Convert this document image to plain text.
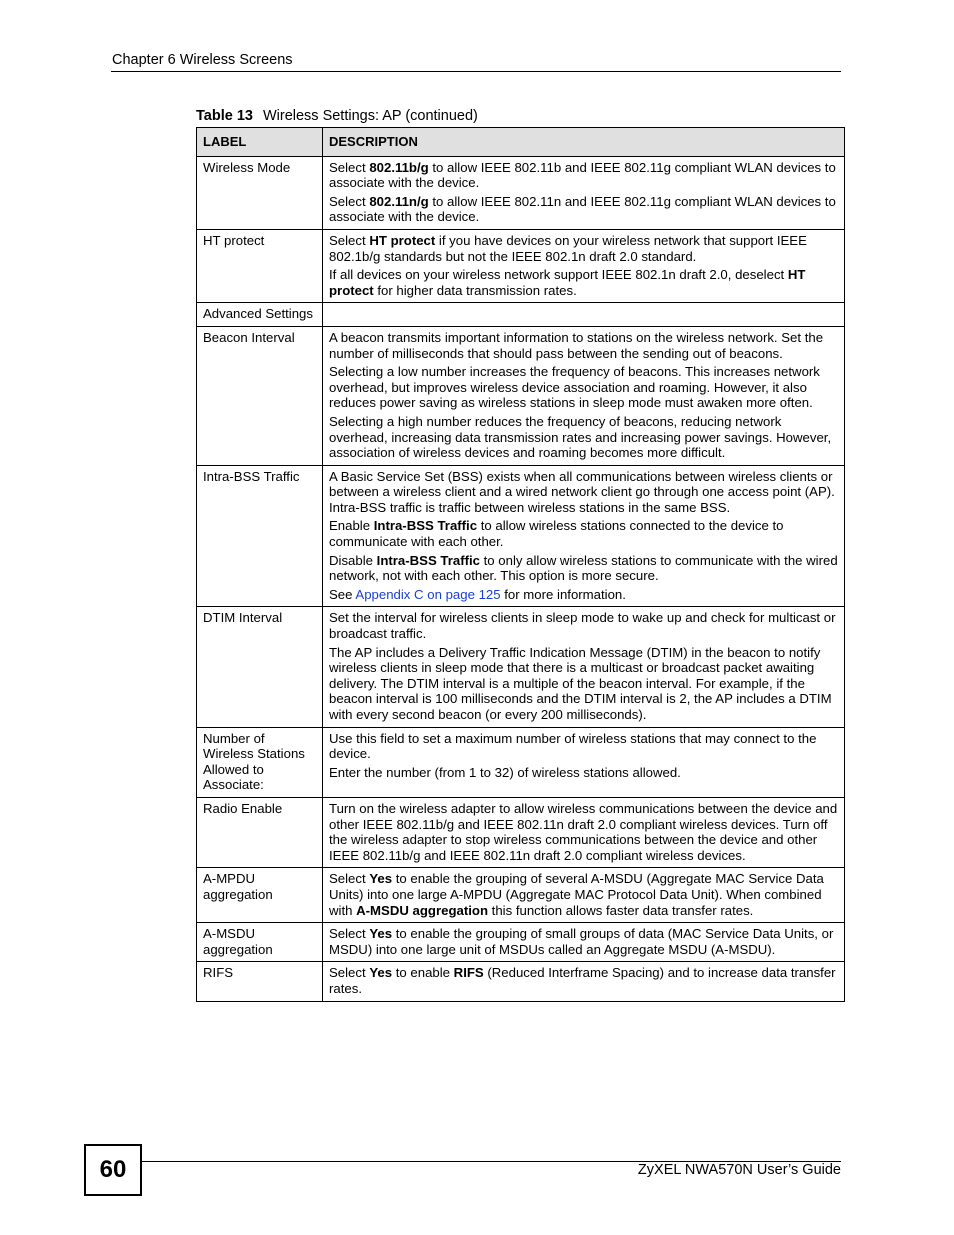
Chapter 6 Wireless Screens
Table 13 Wireless Settings: AP (continued)
LABEL	DESCRIPTION
Wireless Mode	Select 802.11b/g to allow IEEE 802.11b and IEEE 802.11g compliant WLAN devices to associate with the device.

Select 802.11n/g to allow IEEE 802.11n and IEEE 802.11g compliant WLAN devices to associate with the device.

HT protect	Select HT protect if you have devices on your wireless network that support IEEE 802.1b/g standards but not the IEEE 802.1n draft 2.0 standard.

If all devices on your wireless network support IEEE 802.1n draft 2.0, deselect HT protect for higher data transmission rates.

Advanced Settings	
Beacon Interval	A beacon transmits important information to stations on the wireless network. Set the number of milliseconds that should pass between the sending out of beacons.

Selecting a low number increases the frequency of beacons. This increases network overhead, but improves wireless device association and roaming. However, it also reduces power saving as wireless stations in sleep mode must awaken more often.

Selecting a high number reduces the frequency of beacons, reducing network overhead, increasing data transmission rates and increasing power savings. However, association of wireless devices and roaming becomes more difficult.

Intra-BSS Traffic	A Basic Service Set (BSS) exists when all communications between wireless clients or between a wireless client and a wired network client go through one access point (AP). Intra-BSS traffic is traffic between wireless stations in the same BSS.

Enable Intra-BSS Traffic to allow wireless stations connected to the device to communicate with each other.

Disable Intra-BSS Traffic to only allow wireless stations to communicate with the wired network, not with each other. This option is more secure.

See Appendix C on page 125 for more information.

DTIM Interval	Set the interval for wireless clients in sleep mode to wake up and check for multicast or broadcast traffic.

The AP includes a Delivery Traffic Indication Message (DTIM) in the beacon to notify wireless clients in sleep mode that there is a multicast or broadcast packet awaiting delivery. The DTIM interval is a multiple of the beacon interval. For example, if the beacon interval is 100 milliseconds and the DTIM interval is 2, the AP includes a DTIM with every second beacon (or every 200 milliseconds).

Number of Wireless Stations Allowed to Associate:	Use this field to set a maximum number of wireless stations that may connect to the device.

Enter the number (from 1 to 32) of wireless stations allowed.

Radio Enable	Turn on the wireless adapter to allow wireless communications between the device and other IEEE 802.11b/g and IEEE 802.11n draft 2.0 compliant wireless devices. Turn off the wireless adapter to stop wireless communications between the device and other IEEE 802.11b/g and IEEE 802.11n draft 2.0 compliant wireless devices.

A-MPDU aggregation	Select Yes to enable the grouping of several A-MSDU (Aggregate MAC Service Data Units) into one large A-MPDU (Aggregate MAC Protocol Data Unit). When combined with A-MSDU aggregation this function allows faster data transfer rates.

A-MSDU aggregation	Select Yes to enable the grouping of small groups of data (MAC Service Data Units, or MSDU) into one large unit of MSDUs called an Aggregate MSDU (A-MSDU).

RIFS	Select Yes to enable RIFS (Reduced Interframe Spacing) and to increase data transfer rates.

60	ZyXEL NWA570N User’s Guide
